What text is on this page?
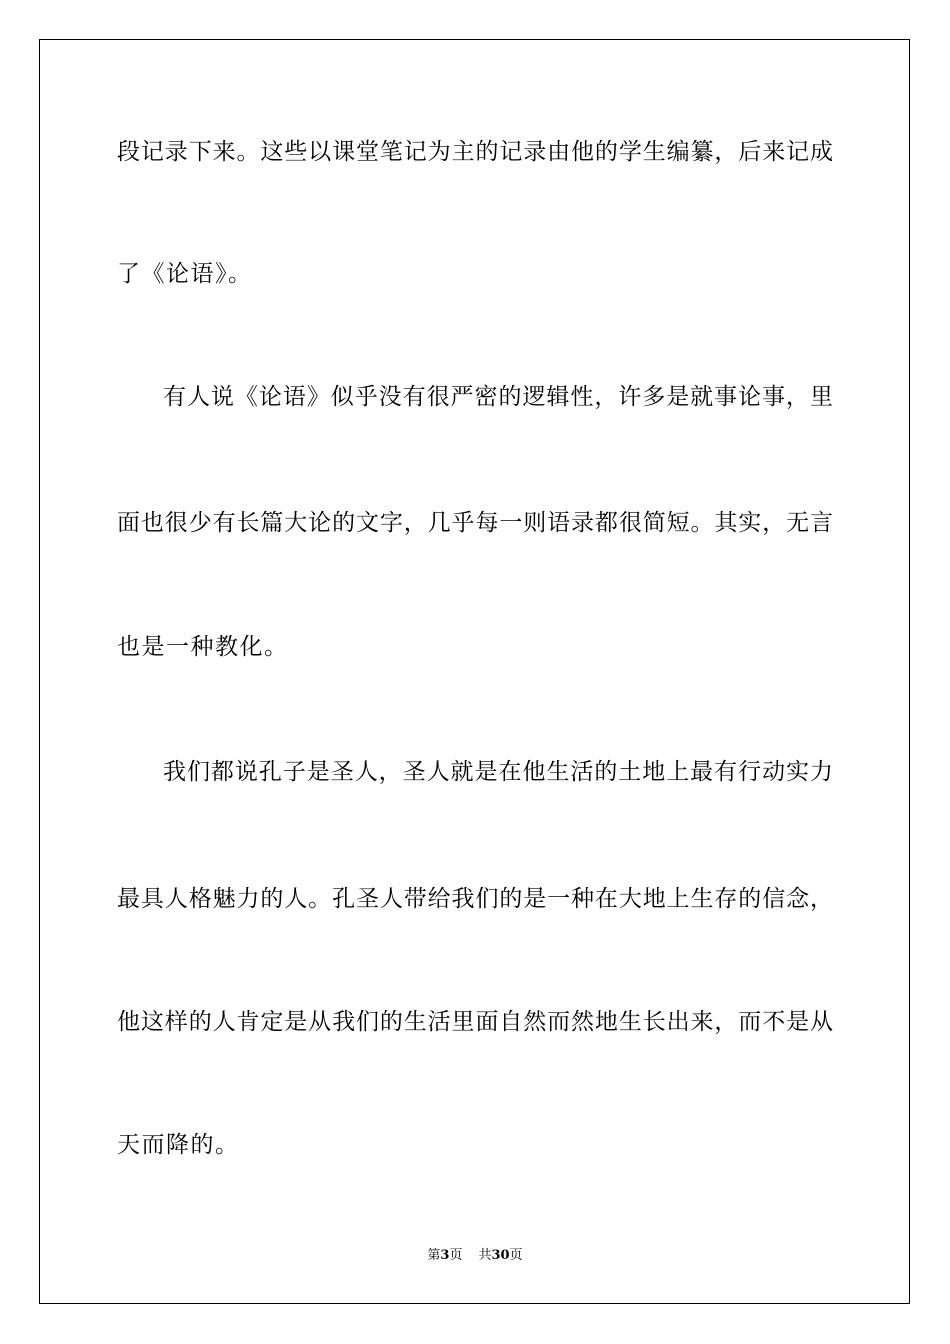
段记录下来。这些以课堂笔记为主的记录由他的学生编纂，后来记成

了《论语》。

有人说《论语》似乎没有很严密的逻辑性，许多是就事论事，里

面也很少有长篇大论的文字，几乎每一则语录都很简短。其实，无言

也是一种教化。

我们都说孔子是圣人，圣人就是在他生活的土地上最有行动实力

最具人格魅力的人。孔圣人带给我们的是一种在大地上生存的信念，

他这样的人肯定是从我们的生活里面自然而然地生长出来，而不是从

天而降的。

第3页 共30页
